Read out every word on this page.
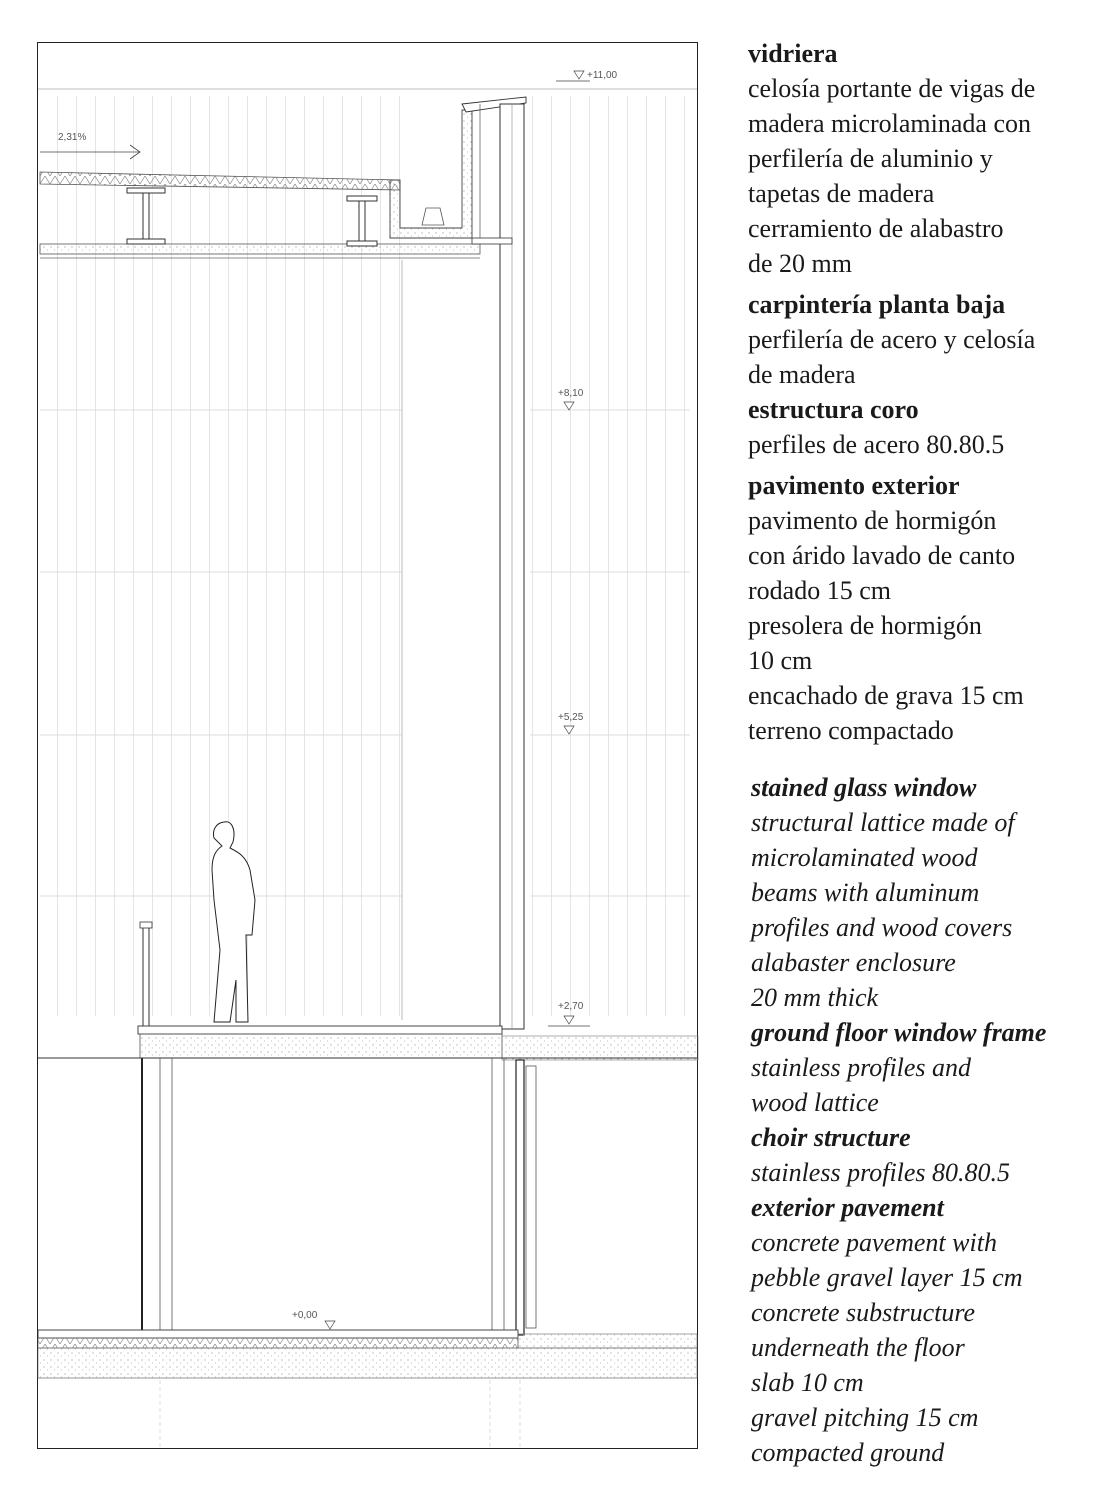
2,31%
+11,00
+8,10
+5,25
+2,70
+0,00
vidriera
celosía portante de vigas de
madera microlaminada con
perfilería de aluminio y
tapetas de madera
cerramiento de alabastro
de 20 mm
carpintería planta baja
perfilería de acero y celosía
de madera
estructura coro
perfiles de acero 80.80.5
pavimento exterior
pavimento de hormigón
con árido lavado de canto
rodado 15 cm
presolera de hormigón
10 cm
encachado de grava 15 cm
terreno compactado
stained glass window
structural lattice made of
microlaminated wood
beams with aluminum
profiles and wood covers
alabaster enclosure
20 mm thick
ground floor window frame
stainless profiles and
wood lattice
choir structure
stainless profiles 80.80.5
exterior pavement
concrete pavement with
pebble gravel layer 15 cm
concrete substructure
underneath the floor
slab 10 cm
gravel pitching 15 cm
compacted ground
